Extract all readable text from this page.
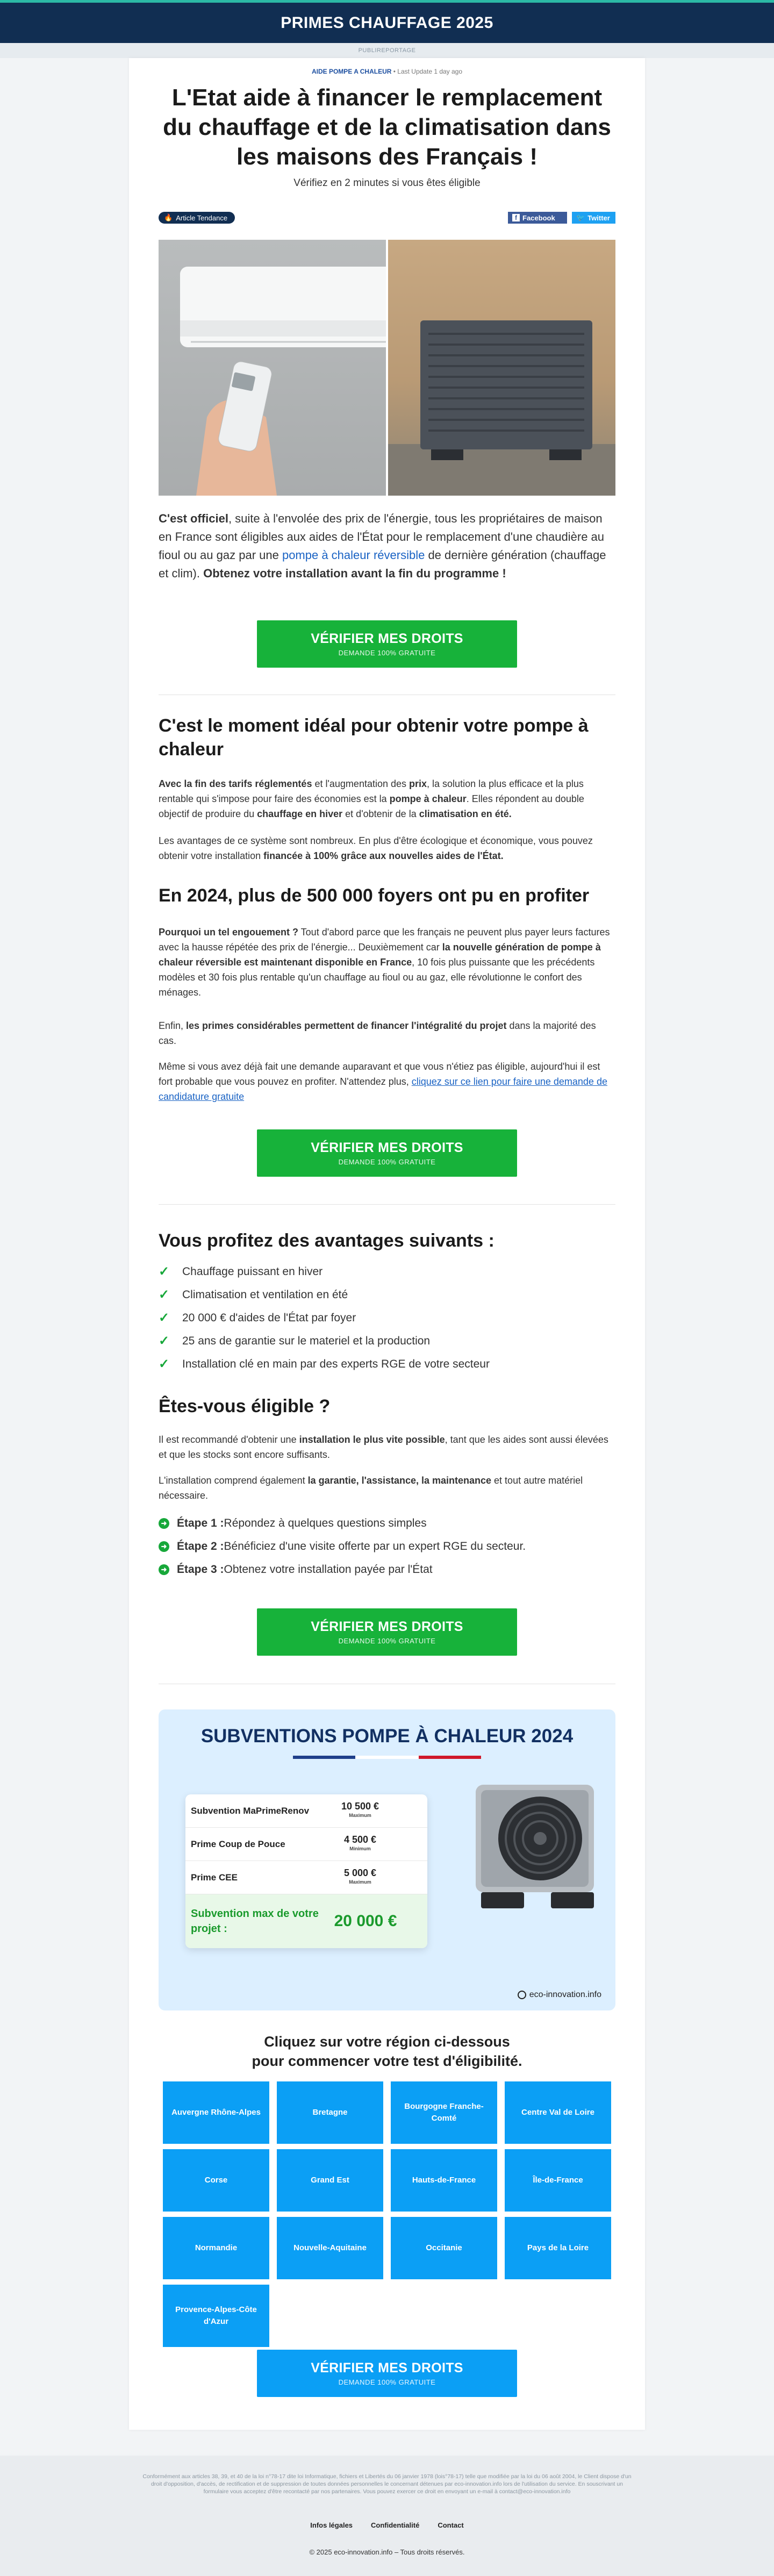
PRIMES CHAUFFAGE 2025
PUBLIREPORTAGE
AIDE POMPE A CHALEUR • Last Update 1 day ago
L'Etat aide à financer le remplacement du chauffage et de la climatisation dans les maisons des Français !
Vérifiez en 2 minutes si vous êtes éligible
🔥 Article Tendance	f Facebook	🐦 Twitter

C'est officiel, suite à l'envolée des prix de l'énergie, tous les propriétaires de maison en France sont éligibles aux aides de l'État pour le remplacement d'une chaudière au fioul ou au gaz par une pompe à chaleur réversible de dernière génération (chauffage et clim). Obtenez votre installation avant la fin du programme !

VÉRIFIER MES DROITS
DEMANDE 100% GRATUITE
C'est le moment idéal pour obtenir votre pompe à chaleur

Avec la fin des tarifs réglementés et l'augmentation des prix, la solution la plus efficace et la plus rentable qui s'impose pour faire des économies est la pompe à chaleur. Elles répondent au double objectif de produire du chauffage en hiver et d'obtenir de la climatisation en été.

Les avantages de ce système sont nombreux. En plus d'être écologique et économique, vous pouvez obtenir votre installation financée à 100% grâce aux nouvelles aides de l'État.

En 2024, plus de 500 000 foyers ont pu en profiter

Pourquoi un tel engouement ? Tout d'abord parce que les français ne peuvent plus payer leurs factures avec la hausse répétée des prix de l'énergie... Deuxièmement car la nouvelle génération de pompe à chaleur réversible est maintenant disponible en France, 10 fois plus puissante que les précédents modèles et 30 fois plus rentable qu'un chauffage au fioul ou au gaz, elle révolutionne le confort des ménages.

Enfin, les primes considérables permettent de financer l'intégralité du projet dans la majorité des cas.

Même si vous avez déjà fait une demande auparavant et que vous n'étiez pas éligible, aujourd'hui il est fort probable que vous pouvez en profiter. N'attendez plus, cliquez sur ce lien pour faire une demande de candidature gratuite

VÉRIFIER MES DROITS
DEMANDE 100% GRATUITE
Vous profitez des avantages suivants :
✓	Chauffage puissant en hiver
✓	Climatisation et ventilation en été
✓	20 000 € d'aides de l'État par foyer
✓	25 ans de garantie sur le materiel et la production
✓	Installation clé en main par des experts RGE de votre secteur
Êtes-vous éligible ?

Il est recommandé d'obtenir une installation le plus vite possible, tant que les aides sont aussi élevées et que les stocks sont encore suffisants.

L'installation comprend également la garantie, l'assistance, la maintenance et tout autre matériel nécessaire.

➜ Étape 1 : Répondez à quelques questions simples
➜ Étape 2 : Bénéficiez d'une visite offerte par un expert RGE du secteur.
➜ Étape 3 : Obtenez votre installation payée par l'État
VÉRIFIER MES DROITS
DEMANDE 100% GRATUITE
SUBVENTIONS POMPE À CHALEUR 2024
Subvention MaPrimeRenov	10 500 €
Maximum
Prime Coup de Pouce	4 500 €
Minimum
Prime CEE	5 000 €
Maximum
Subvention max de votre projet :	20 000 €
eco-innovation.info
Cliquez sur votre région ci-dessous
pour commencer votre test d'éligibilité.
Auvergne Rhône-Alpes	Bretagne
Bourgogne Franche-Comté
Centre Val de Loire
Corse	Grand Est	Hauts-de-France	Île-de-France
Normandie	Nouvelle-Aquitaine	Occitanie	Pays de la Loire
Provence-Alpes-Côte d'Azur
VÉRIFIER MES DROITS
DEMANDE 100% GRATUITE
Conformément aux articles 38, 39, et 40 de la loi n°78-17 dite loi Informatique, fichiers et Libertés du 06 janvier 1978 (lois°78-17) telle que modifiée par la loi du 06 août 2004, le Client dispose d'un droit d'opposition, d'accès, de rectification et de suppression de toutes données personnelles le concernant détenues par eco-innovation.info lors de l'utilisation du service. En souscrivant un formulaire vous acceptez d'être recontacté par nos partenaires. Vous pouvez exercer ce droit en envoyant un e-mail à contact@eco-innovation.info
Infos légales	Confidentialité	Contact
© 2025 eco-innovation.info – Tous droits réservés.
